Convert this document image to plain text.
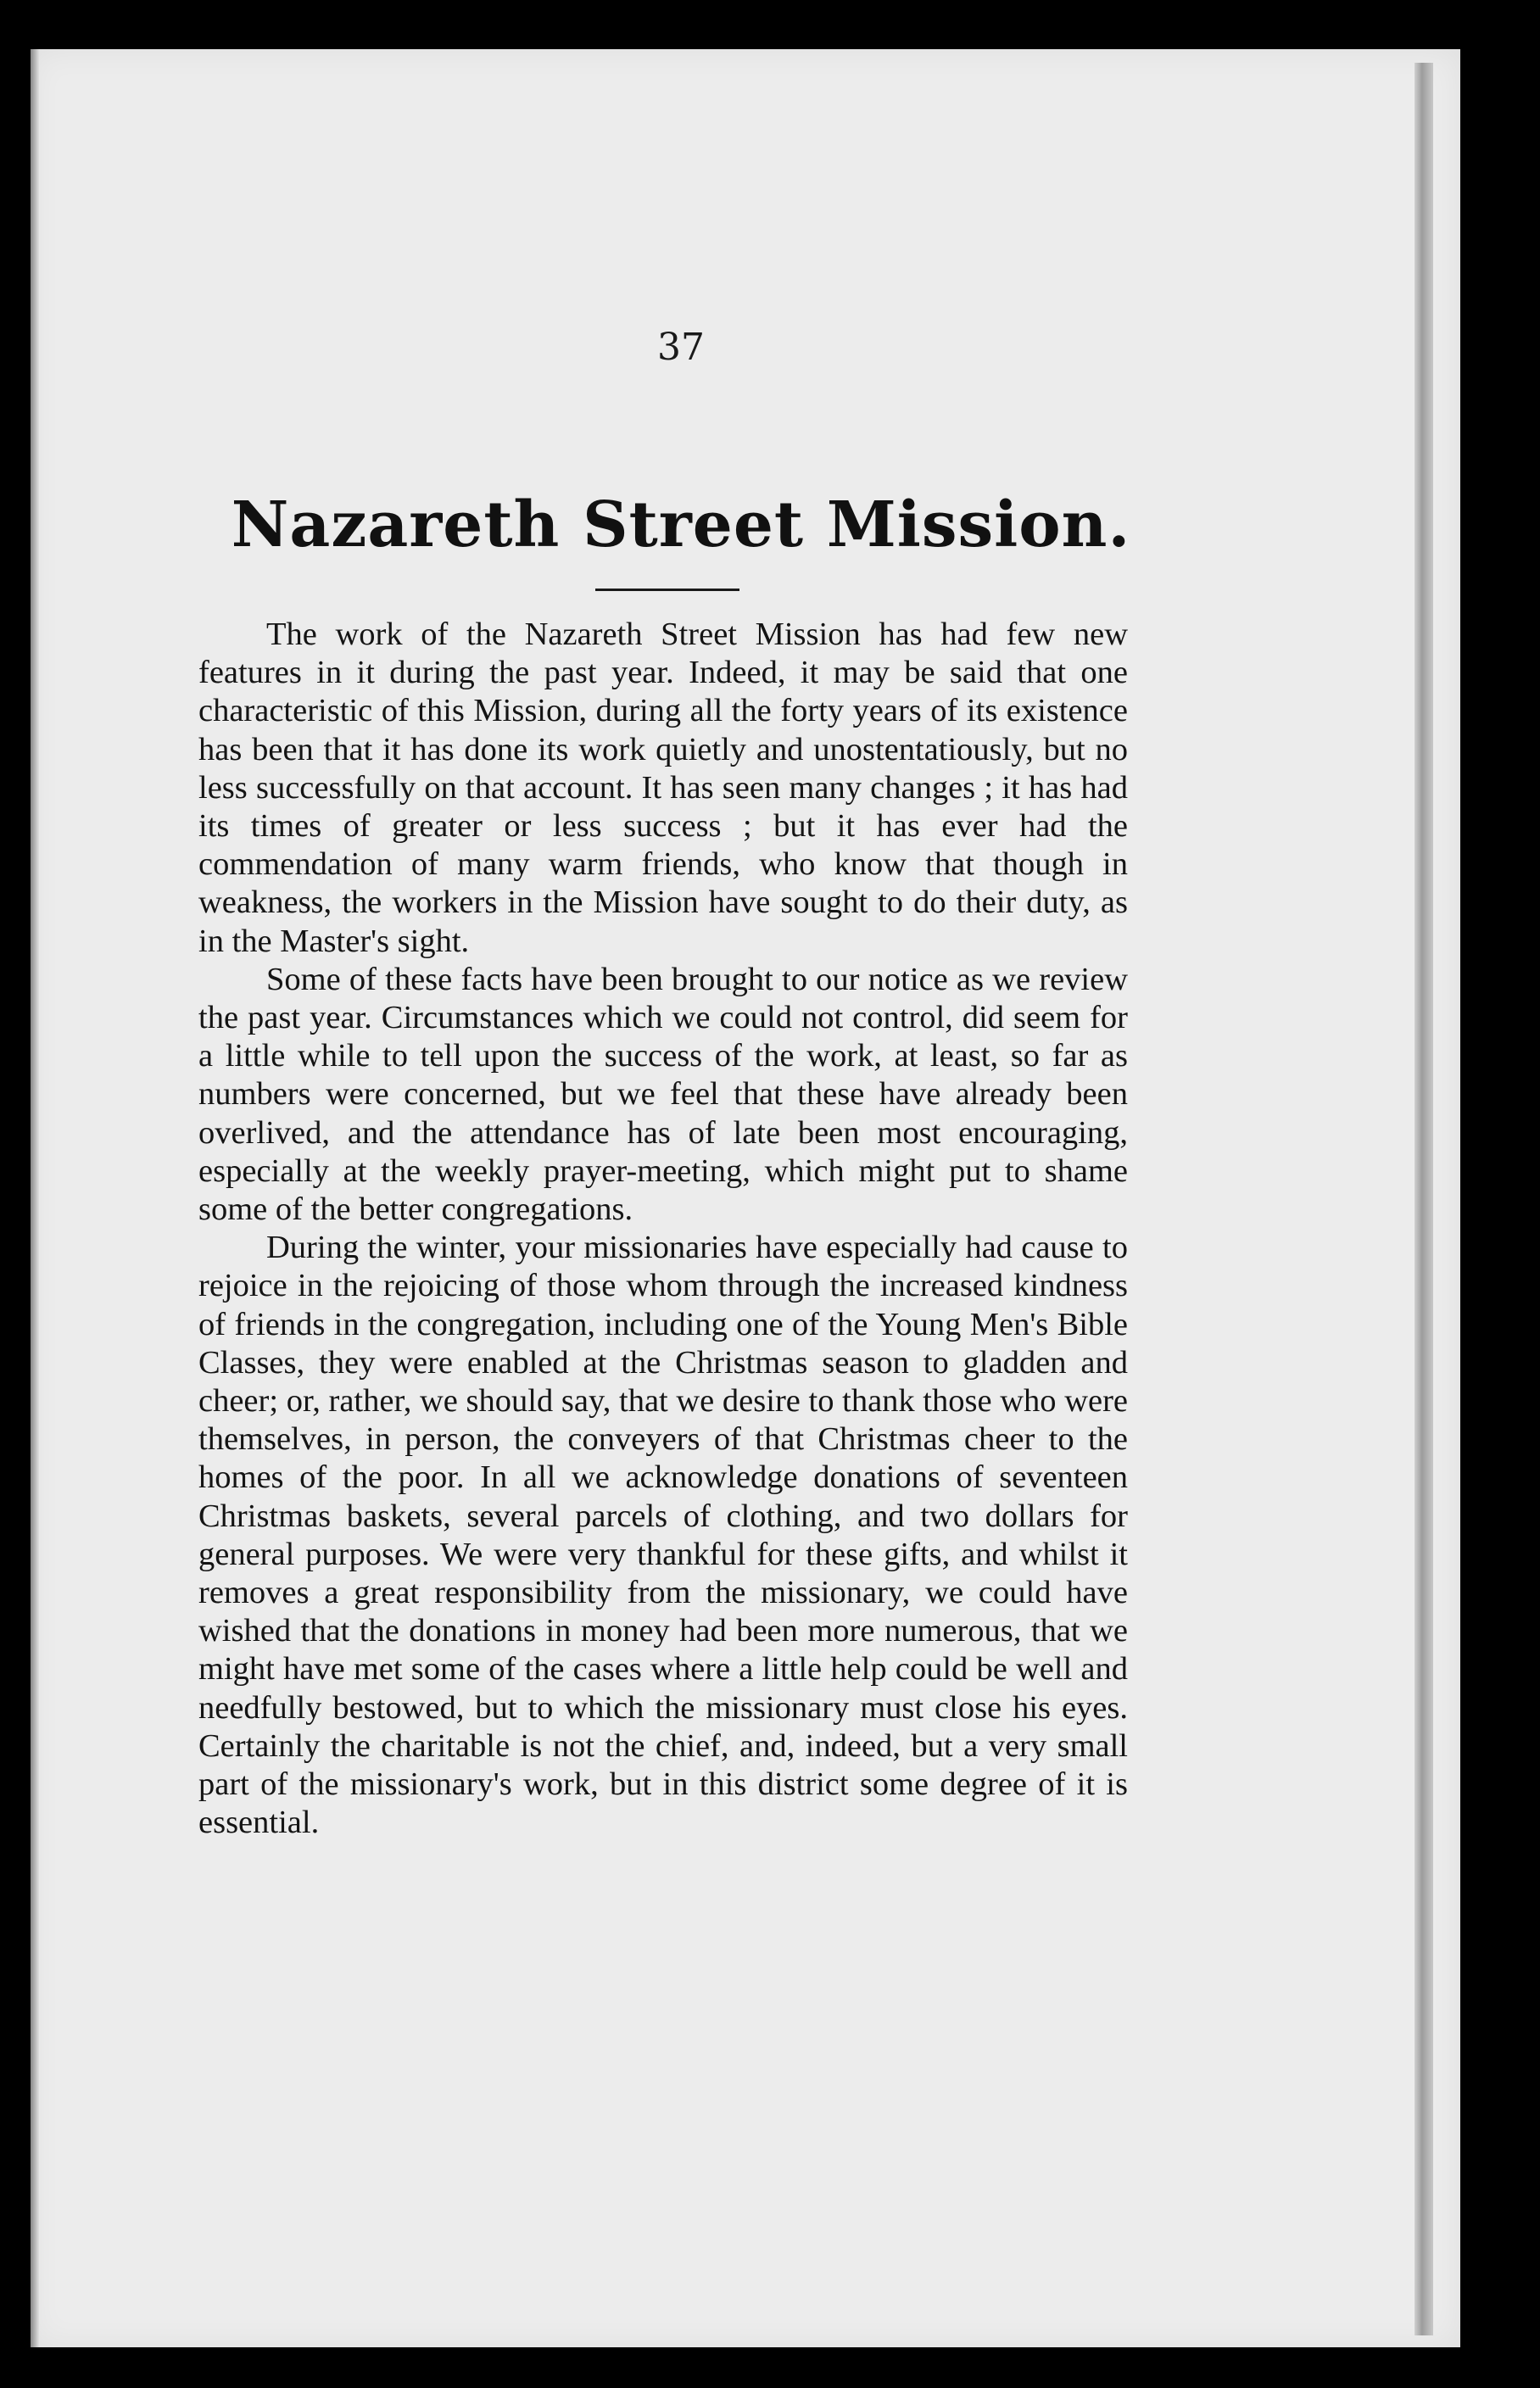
37
Nazareth Street Mission.

The work of the Nazareth Street Mission has had few new features in it during the past year. Indeed, it may be said that one characteristic of this Mission, during all the forty years of its existence has been that it has done its work quietly and unostentatiously, but no less successfully on that account. It has seen many changes ; it has had its times of greater or less success ; but it has ever had the commendation of many warm friends, who know that though in weakness, the workers in the Mission have sought to do their duty, as in the Master's sight.

Some of these facts have been brought to our notice as we review the past year. Circumstances which we could not control, did seem for a little while to tell upon the success of the work, at least, so far as numbers were concerned, but we feel that these have already been overlived, and the attendance has of late been most encouraging, especially at the weekly prayer-meeting, which might put to shame some of the better congregations.

During the winter, your missionaries have especially had cause to rejoice in the rejoicing of those whom through the increased kindness of friends in the congregation, including one of the Young Men's Bible Classes, they were enabled at the Christmas season to gladden and cheer; or, rather, we should say, that we desire to thank those who were themselves, in person, the conveyers of that Christmas cheer to the homes of the poor. In all we acknowledge donations of seventeen Christmas baskets, several parcels of clothing, and two dollars for general purposes. We were very thankful for these gifts, and whilst it removes a great responsibility from the missionary, we could have wished that the donations in money had been more numerous, that we might have met some of the cases where a little help could be well and needfully bestowed, but to which the missionary must close his eyes. Certainly the charitable is not the chief, and, indeed, but a very small part of the missionary's work, but in this district some degree of it is essential.
